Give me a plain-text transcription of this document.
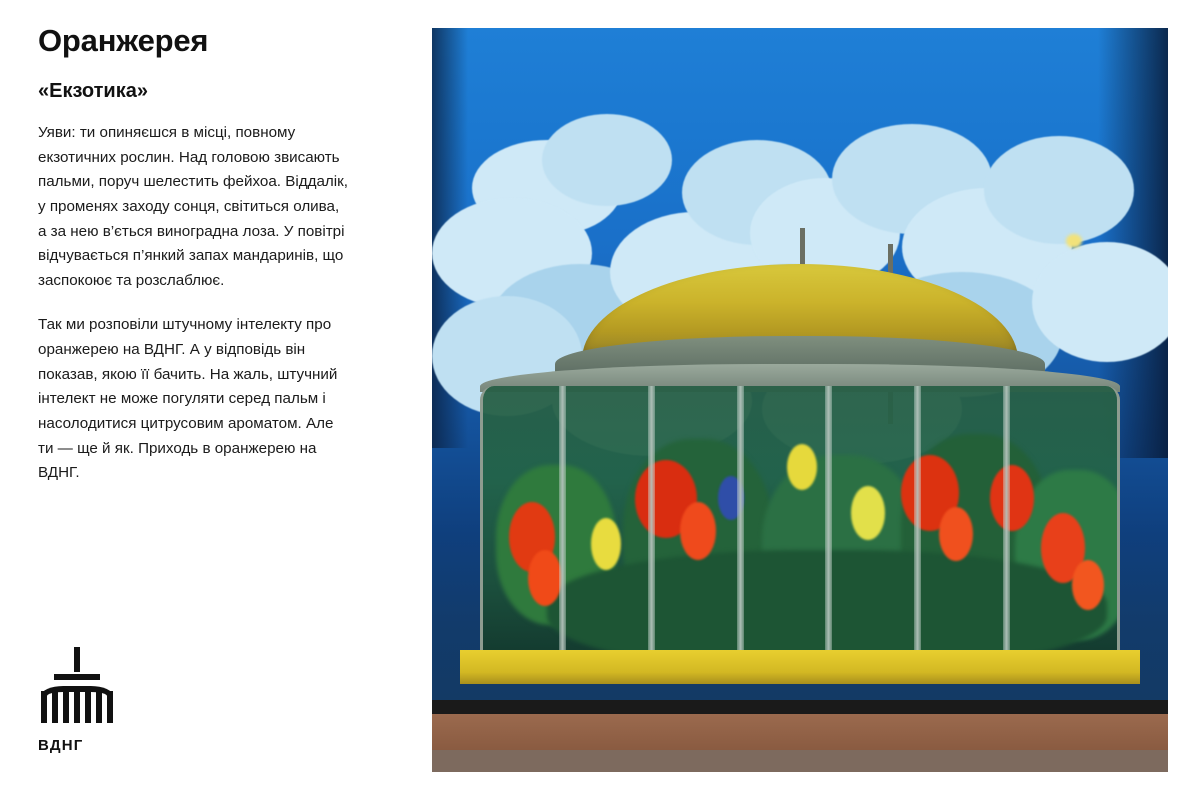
Оранжерея
«Екзотика»

Уяви: ти опиняєшся в місці, повному екзотичних рослин. Над головою звисають пальми, поруч шелестить фейхоа. Віддалік, у променях заходу сонця, світиться олива, а за нею в’ється виноградна лоза. У повітрі відчувається п’янкий запах мандаринів, що заспокоює та розслаблює.

Так ми розповіли штучному інтелекту про оранжерею на ВДНГ. А у відповідь він показав, якою її бачить. На жаль, штучний інтелект не може погуляти серед пальм і насолодитися цитрусовим ароматом. Але ти — ще й як. Приходь в оранжерею на ВДНГ.

ВДНГ
